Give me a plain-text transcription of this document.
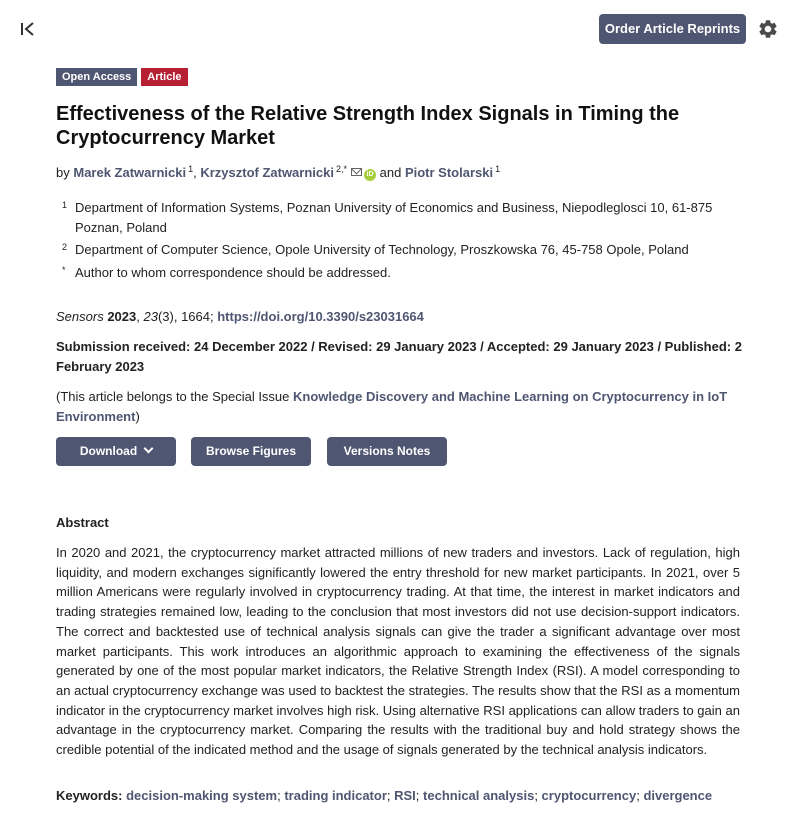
Order Article Reprints
Open Access	Article
Effectiveness of the Relative Strength Index Signals in Timing the Cryptocurrency Market
by Marek Zatwarnicki $^1$, Krzysztof Zatwarnicki $^{2,*}$iD and Piotr Stolarski $^1$
1 Department of Information Systems, Poznan University of Economics and Business, Niepodleglosci 10, 61-875 Poznan, Poland
2 Department of Computer Science, Opole University of Technology, Proszkowska 76, 45-758 Opole, Poland
* Author to whom correspondence should be addressed.
Sensors 2023, 23(3), 1664; https://doi.org/10.3390/s23031664
Submission received: 24 December 2022 / Revised: 29 January 2023 / Accepted: 29 January 2023 / Published: 2 February 2023
(This article belongs to the Special Issue Knowledge Discovery and Machine Learning on Cryptocurrency in IoT Environment)
Download	Browse Figures	Versions Notes
Abstract

In 2020 and 2021, the cryptocurrency market attracted millions of new traders and investors. Lack of regulation, high liquidity, and modern exchanges significantly lowered the entry threshold for new market participants. In 2021, over 5 million Americans were regularly involved in cryptocurrency trading. At that time, the interest in market indicators and trading strategies remained low, leading to the conclusion that most investors did not use decision-support indicators. The correct and backtested use of technical analysis signals can give the trader a significant advantage over most market participants. This work introduces an algorithmic approach to examining the effectiveness of the signals generated by one of the most popular market indicators, the Relative Strength Index (RSI). A model corresponding to an actual cryptocurrency exchange was used to backtest the strategies. The results show that the RSI as a momentum indicator in the cryptocurrency market involves high risk. Using alternative RSI applications can allow traders to gain an advantage in the cryptocurrency market. Comparing the results with the traditional buy and hold strategy shows the credible potential of the indicated method and the usage of signals generated by the technical analysis indicators.

Keywords: decision-making system; trading indicator; RSI; technical analysis; cryptocurrency; divergence
